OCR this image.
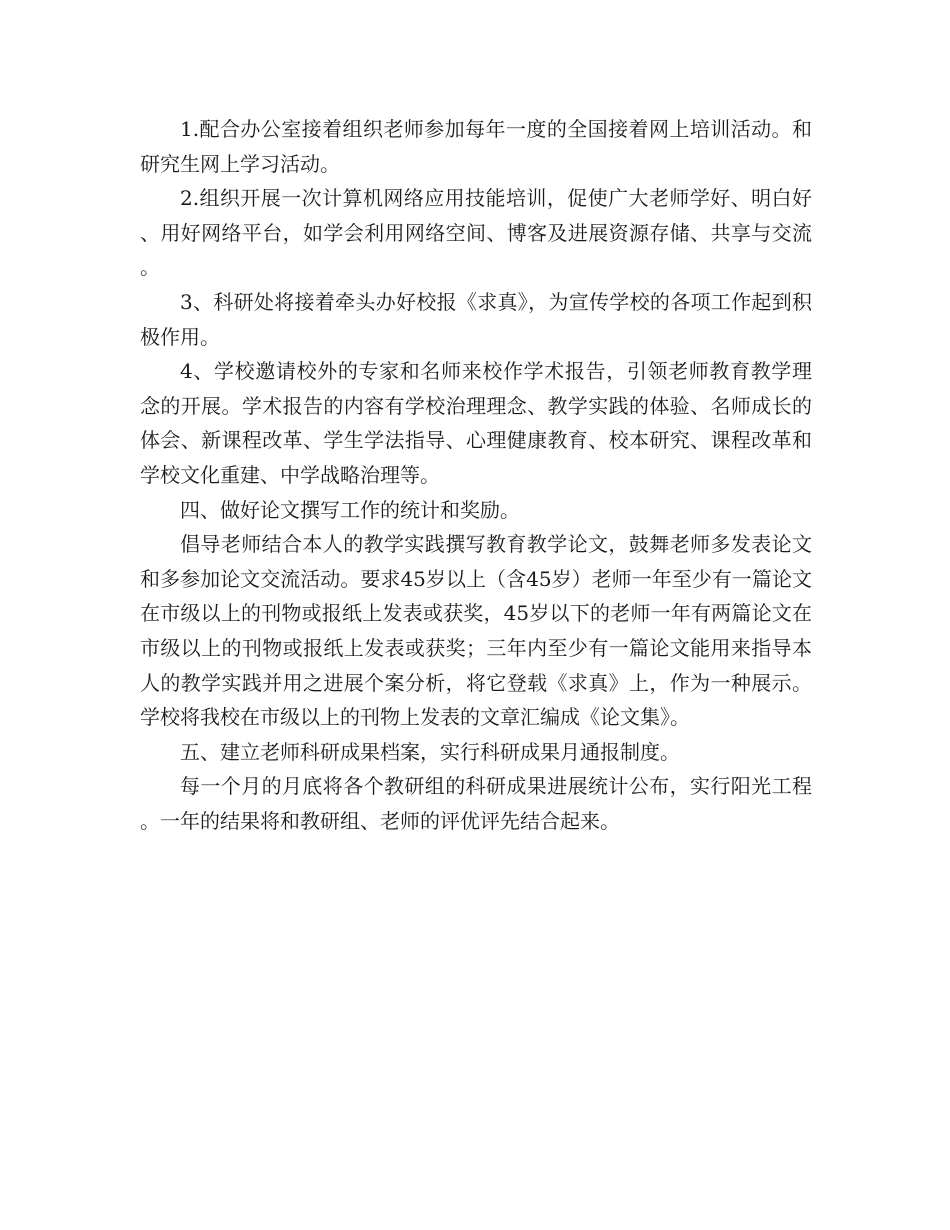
1.配合办公室接着组织老师参加每年一度的全国接着网上培训活动。和研究生网上学习活动。

2.组织开展一次计算机网络应用技能培训，促使广大老师学好、明白好、用好网络平台，如学会利用网络空间、博客及进展资源存储、共享与交流。

3、科研处将接着牵头办好校报《求真》，为宣传学校的各项工作起到积极作用。

4、学校邀请校外的专家和名师来校作学术报告，引领老师教育教学理念的开展。学术报告的内容有学校治理理念、教学实践的体验、名师成长的体会、新课程改革、学生学法指导、心理健康教育、校本研究、课程改革和学校文化重建、中学战略治理等。

四、做好论文撰写工作的统计和奖励。

倡导老师结合本人的教学实践撰写教育教学论文，鼓舞老师多发表论文和多参加论文交流活动。要求45岁以上（含45岁）老师一年至少有一篇论文在市级以上的刊物或报纸上发表或获奖，45岁以下的老师一年有两篇论文在市级以上的刊物或报纸上发表或获奖；三年内至少有一篇论文能用来指导本人的教学实践并用之进展个案分析，将它登载《求真》上，作为一种展示。学校将我校在市级以上的刊物上发表的文章汇编成《论文集》。

五、建立老师科研成果档案，实行科研成果月通报制度。

每一个月的月底将各个教研组的科研成果进展统计公布，实行阳光工程。一年的结果将和教研组、老师的评优评先结合起来。
